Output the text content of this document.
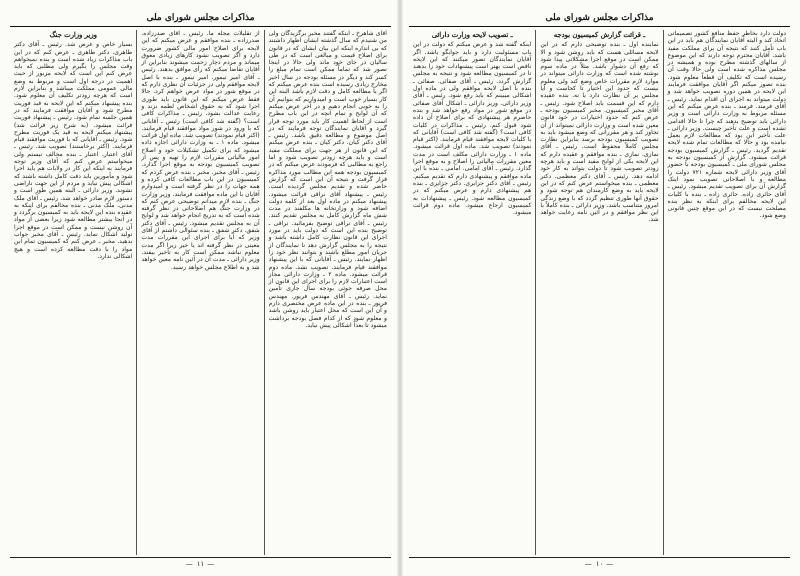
مذاکرات مجلس شورای ملی

آقای شاهرخ ـ اینکه گفتند مخبر برگزیدگان ولی من شنیدم که سال گذشته ایشان اظهار داشتند که بی انداره اینکه این بیان ایشان که در قانون برای اصلاح قیمت و مبالغی است که در طی سالیان در جای خود ماند ولی حالا در اینجا تصور شد که تماماً ممکن است تمام مبلغ را کسر کند و دیگر در مسئله بودجه در سال اخیر مخارج زیادی رسیده است بنده عرض میکنم که اگر با مطالعه کامل و دقت لازم باشد البته این کار بسیار خوب است و امیدواریم که بتوانیم آن را به خوبی انجام دهیم و در آخر عرض میکنم که آن لوایح و تمام آنچه در این باب مطرح است از لحاظ اهمیت کار باید مورد توجه قرار گیرد و آقایان نمایندگان توجه فرمایند که در اصل موضوع و مطالعه دقیق باشد. رئیس ـ آقای دکتر کیان. دکتر کیان ـ بنده عرض میکنم که این قانون از هر جهت برای مملکت مفید است و باید هرچه زودتر تصویب شود و اما راجع به مطالبی که فرمودند عرض میکنم که در کمیسیون بودجه همه این مطالب مورد مذاکره قرار گرفت و نتیجه آن این است که گزارش حاضر شده و تقدیم مجلس گردیده است. رئیس ـ پیشنهاد آقای نراقی قرائت میشود. پیشنهاد میکنم در ماده اول بعد از کلمه دولت اضافه شود و وزارتخانه ها مکلفند در مدت شش ماه گزارش کامل به مجلس تقدیم کنند. رئیس ـ آقای نراقی توضیح بفرمائید. نراقی ـ توضیح بنده این است که دولت باید در مورد اجرای این قانون نظارت کامل داشته باشد و نتیجه را به مجلس گزارش دهد تا نمایندگان از جریان امور مطلع باشند و بتوانند نظر خود را اظهار نمایند. رئیس ـ آقایانی که با این پیشنهاد موافقند قیام فرمایند. تصویب نشد. ماده دوم قرائت میشود. ماده ۲ ـ وزارت دارائی مجاز است اعتبارات لازم را برای اجرای این قانون از محل صرفه جوئی بودجه سال جاری تأمین نماید. رئیس ـ آقای مهندس فریور. مهندس فریور ـ بنده در این ماده عرض مختصری دارم و آن این است که محل اعتبار باید روشن باشد و معلوم شود که از کدام فصل بودجه برداشت میشود تا بعداً اشکالی پیش نیاید.

از تقلیلات مجله ما. رئیس ـ آقای صدرزاده. صدرزاده ـ بنده موافقم و عرض میکنم که این لایحه برای اصلاح امور مالی کشور ضرورت دارد و اگر تصویب نشود کارهای زیادی معوق میماند و مردم دچار زحمت میشوند بنابراین از آقایان تقاضا میکنم که رأی موافق بدهند. رئیس ـ آقای امیر تیمور. امیر تیمور ـ بنده با اصل لایحه موافقم ولی در جزئیات آن نظری دارم که در موقع شور در مواد عرض خواهم کرد. حالا فقط عرض میکنم که این قانون باید طوری اجرا شود که به حقوق اشخاص لطمه نزند و رعایت عدالت بشود. رئیس ـ مذاکرات کافی است؟ (گفته شد کافی است) رئیس ـ آقایانی که با ورود در شور مواد موافقند قیام فرمایند. (اکثر قیام نمودند) تصویب شد. ماده اول قرائت میشود. ماده ۱ ـ به وزارت دارائی اجازه داده میشود که برای تکمیل تشکیلات خود و اصلاح امور مالیاتی مقررات لازم را تهیه و پس از تصویب کمیسیون بودجه به موقع اجرا گذارد. رئیس ـ آقای مخبر. مخبر ـ بنده عرض کردم که کمیسیون در این باب مطالعات کافی کرده و همه جهات را در نظر گرفته است و امیدوارم آقایان با این ماده موافقت فرمایند. وزیر وزارت جنگ ـ بنده لازم میدانم توضیحی عرض کنم که در وزارت جنگ هم اصلاحاتی در نظر گرفته شده است که به تدریج انجام خواهد شد و لوایح آن به مجلس تقدیم میشود. رئیس ـ آقای دکتر شفق. دکتر شفق ـ بنده سئوالی داشتم از آقای وزیر که آیا برای اجرای این مقررات مدت معینی در نظر گرفته اند یا خیر زیرا اگر مدت معلوم نباشد ممکن است کار به تأخیر بیفتد. وزیر دارائی ـ مدت آن در آئین نامه معین خواهد شد و به اطلاع مجلس خواهد رسید.

وزیر وزارت جنگ

بسیار خاص و عرض شد. رئیس ـ آقای دکتر طاهری. دکتر طاهری ـ عرض کنم که در این باب مذاکرات زیاد شده است و بنده نمیخواهم وقت مجلس را بگیرم ولی مطلبی که باید عرض کنم این است که لایحه مزبور از حیث اهمیت در درجه اول است و مربوط به وضع مالی عمومی مملکت میباشد و بنابراین لازم است که هرچه زودتر تکلیف آن معلوم شود. بنده پیشنهاد میکنم که این لایحه به قید فوریت مطرح شود و آقایان موافقت فرمایند که در همین جلسه تمام شود. رئیس ـ پیشنهاد فوریت قرائت میشود. (به شرح زیر قرائت شد) پیشنهاد میکنم لایحه به قید یک فوریت مطرح شود. رئیس ـ آقایانی که با فوریت موافقند قیام فرمایند. (اکثر برخاستند) تصویب شد. رئیس ـ آقای اعتبار. اعتبار ـ بنده مخالف نیستم ولی میخواستم عرض کنم که آقای وزیر توجه فرمایند به اینکه این کار در ولایات هم باید اجرا شود و مأمورین باید دقت کامل داشته باشند که اشکالی پیش نیاید و مردم از این جهت ناراضی نشوند. وزیر دارائی ـ البته همین طور است و دستور لازم صادر خواهد شد. رئیس ـ آقای ملک مدنی. ملک مدنی ـ بنده مخالفم برای اینکه به عقیده بنده این لایحه باید به کمیسیون برگردد و در آنجا بیشتر مطالعه شود زیرا بعضی از مواد آن روشن نیست و ممکن است در موقع اجرا تولید اشکال نماید. رئیس ـ آقای مخبر جواب بدهید. مخبر ـ عرض کنم که کمیسیون تمام این مواد را با دقت مطالعه کرده است و هیچ اشکالی ندارد.

—
۱۱
—
مذاکرات مجلس شورای ملی

دولت دارد بخاطر حفظ منافع کشور تصمیماتی اتخاذ کند و البته آقایان نمایندگان هم باید در این باب تأمل کنند که نتیجه آن برای مملکت مفید باشد. آقایان محترم توجه دارند که این موضوع از سالهای گذشته مطرح بوده و همیشه در مجلس مذاکره شده است ولی حالا وقت آن رسیده است که تکلیف آن قطعاً معلوم شود. بنده تصور میکنم اگر آقایان موافقت فرمایند این لایحه در همین دوره تصویب خواهد شد و دولت میتواند به اجرای آن اقدام نماید. رئیس ـ آقای فرمند. فرمند ـ بنده عرض میکنم که این مسئله مربوط به وزارت دارائی است و وزیر دارائی باید توضیح بدهند که چرا تا حالا اقدامی نشده است و علت تأخیر چیست. وزیر دارائی ـ علت تأخیر این بود که مطالعات لازم بعمل نیامده بود و حالا که مطالعات تمام شده لایحه تقدیم گردید. رئیس ـ گزارش کمیسیون بودجه قرائت میشود. گزارش از کمیسیون بودجه به مجلس شورای ملی ـ کمیسیون بودجه با حضور آقای وزیر دارائی لایحه شماره ۷۲۱ دولت را مطالعه و با اصلاحاتی تصویب نمود اینک گزارش آن برای تصویب تقدیم میشود. رئیس ـ آقای حائری زاده. حائری زاده ـ بنده با کلیات این لایحه مخالفم برای اینکه به نظر بنده مصلحت نیست که در این موقع چنین قانونی وضع شود.

ـ قرائت گزارش کمیسیون بودجه

نماینده اول ـ بنده توضیحی دارم که در این لایحه مسائلی هست که باید روشن شود و الا ممکن است در موقع اجرا مشکلاتی پیدا شود که رفع آن دشوار باشد. مثلاً در ماده سوم نوشته شده است که وزارت دارائی میتواند در موارد لازم مقررات خاص وضع کند ولی معلوم نیست که حدود این اختیار تا کجاست و آیا مجلس بر آن نظارت دارد یا نه. بنده عقیده دارم که این قسمت باید اصلاح شود. رئیس ـ آقای مخبر کمیسیون. مخبر کمیسیون بودجه ـ عرض کنم که حدود اختیارات در خود قانون معین شده است و وزارت دارائی نمیتواند از آن تجاوز کند و هر مقرراتی که وضع میشود باید به تصویب کمیسیون بودجه برسد بنابراین نظارت مجلس کاملاً محفوظ است. رئیس ـ آقای نمازی. نمازی ـ بنده موافقم و عقیده دارم که این لایحه یکی از لوایح مفید است و باید هرچه زودتر تصویب شود تا دولت بتواند به کار خود ادامه دهد. رئیس ـ آقای دکتر معظمی. دکتر معظمی ـ بنده میخواستم عرض کنم که در این لایحه باید به وضع کارمندان هم توجه شود و حقوق آنها طوری تنظیم گردد که با وضع زندگی امروز متناسب باشد. وزیر دارائی ـ بنده کاملاً با این نظر موافقم و در آئین نامه رعایت خواهد شد.

ـ تصویب لایحه وزارت دارائی

اینکه گفته شد و عرض میکنم که دولت در این باب مسئولیت دارد و باید جوابگو باشد. اگر آقایان نمایندگان تصور میکنند که این لایحه ناقص است بهتر است پیشنهادات خود را بدهند تا در کمیسیون مطالعه شود و نتیجه به مجلس گزارش گردد. رئیس ـ آقای صفائی. صفائی ـ بنده با اصل لایحه موافقم ولی در ماده اول اشکالی میبینم که باید رفع شود. رئیس ـ آقای وزیر دارائی. وزیر دارائی ـ اشکال آقای صفائی در موقع شور در مواد رفع خواهد شد و بنده حاضرم هر پیشنهادی که برای اصلاح آن داده شود قبول کنم. رئیس ـ مذاکرات در کلیات کافی است؟ (گفته شد کافی است) آقایانی که با کلیات لایحه موافقند قیام فرمایند. (اکثر قیام نمودند) تصویب شد. ماده اول قرائت میشود. ماده ۱ ـ وزارت دارائی مکلف است در مدت معین مقررات مالیاتی را اصلاح و به موقع اجرا گذارد. رئیس ـ آقای امامی. امامی ـ بنده با این ماده موافقم و پیشنهادی دارم که تقدیم میکنم. رئیس ـ آقای دکتر جزایری. دکتر جزایری ـ بنده هم پیشنهادی دارم و عرض میکنم که در کمیسیون مطالعه شود. رئیس ـ پیشنهادات به کمیسیون ارجاع میشود. ماده دوم قرائت میشود.

—
۱۰
—
